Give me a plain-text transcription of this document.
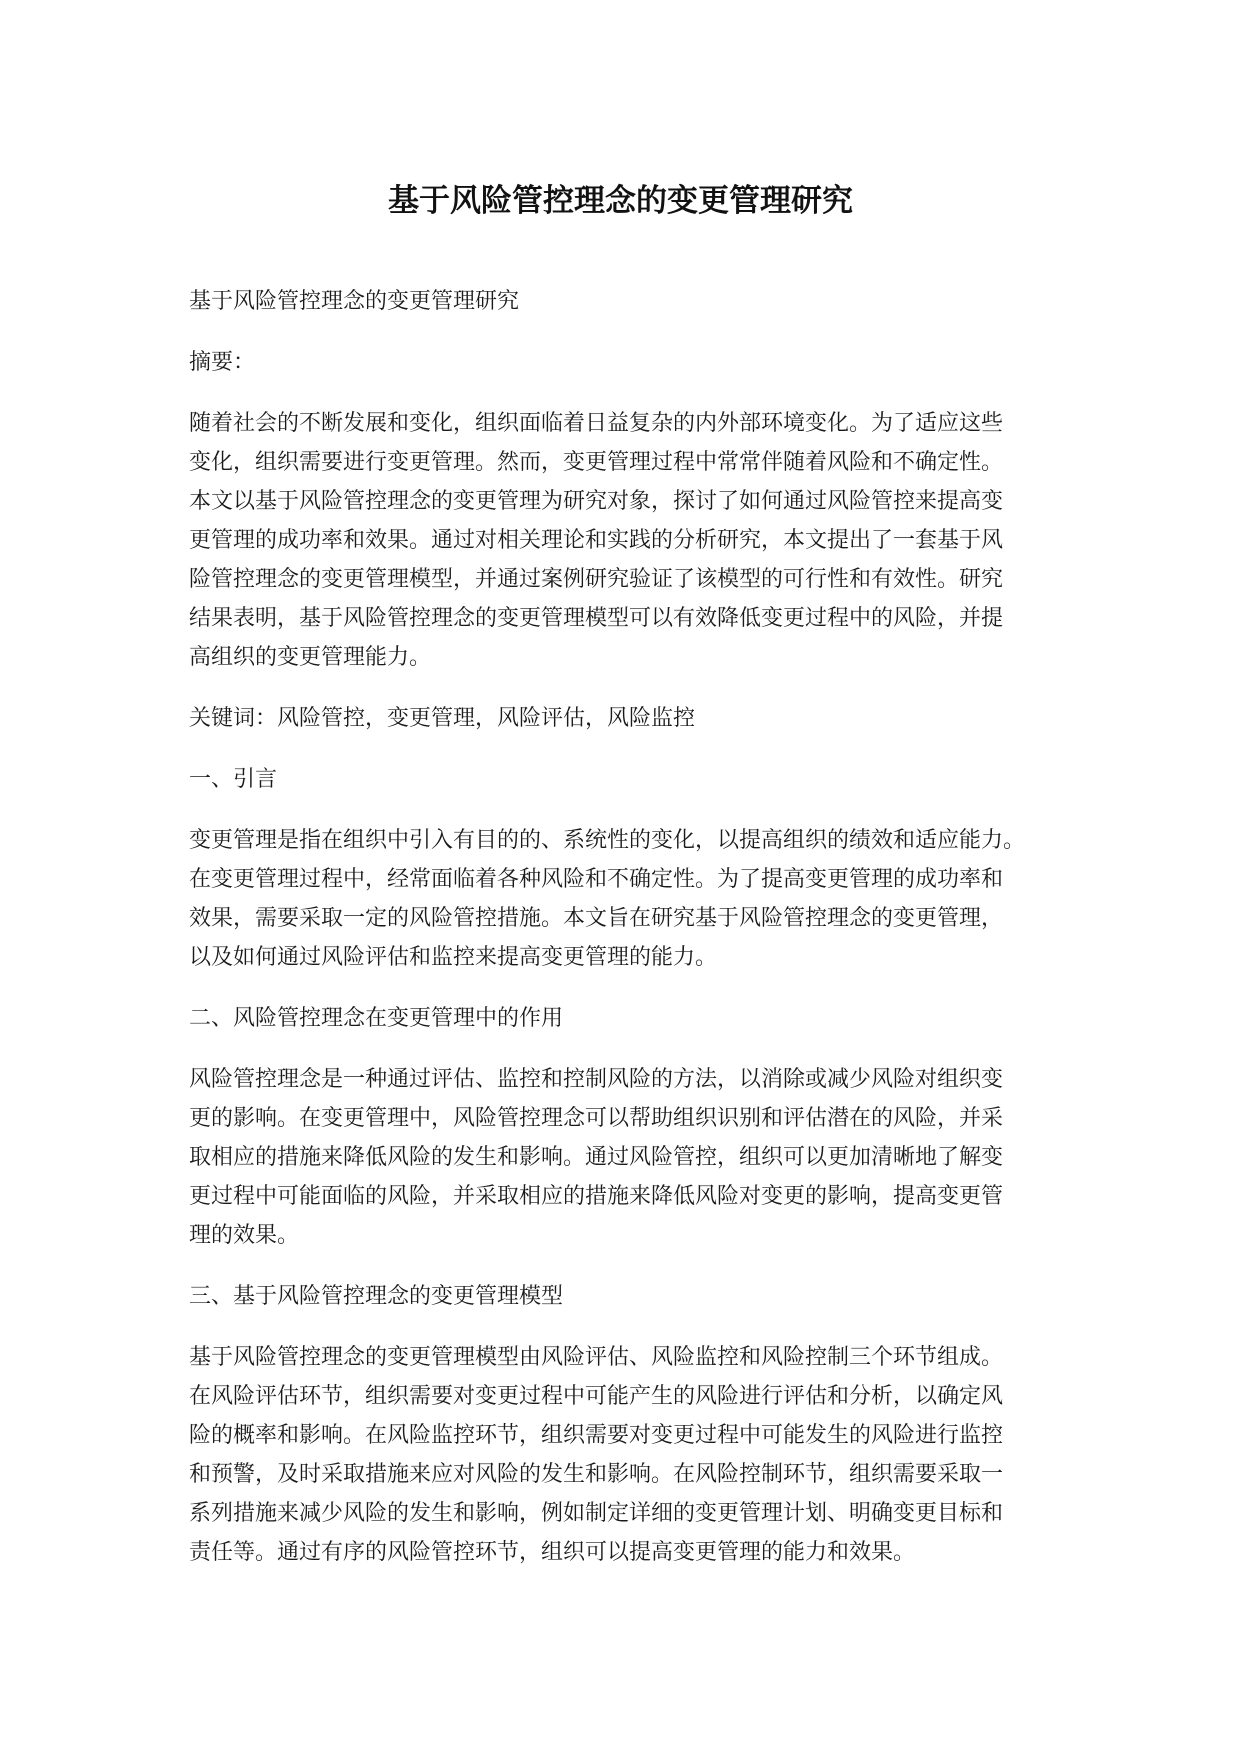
基于风险管控理念的变更管理研究

基于风险管控理念的变更管理研究

摘要：

随着社会的不断发展和变化，组织面临着日益复杂的内外部环境变化。为了适应这些

变化，组织需要进行变更管理。然而，变更管理过程中常常伴随着风险和不确定性。

本文以基于风险管控理念的变更管理为研究对象，探讨了如何通过风险管控来提高变

更管理的成功率和效果。通过对相关理论和实践的分析研究，本文提出了一套基于风

险管控理念的变更管理模型，并通过案例研究验证了该模型的可行性和有效性。研究

结果表明，基于风险管控理念的变更管理模型可以有效降低变更过程中的风险，并提

高组织的变更管理能力。

关键词：风险管控，变更管理，风险评估，风险监控

一、引言

变更管理是指在组织中引入有目的的、系统性的变化，以提高组织的绩效和适应能力。

在变更管理过程中，经常面临着各种风险和不确定性。为了提高变更管理的成功率和

效果，需要采取一定的风险管控措施。本文旨在研究基于风险管控理念的变更管理，

以及如何通过风险评估和监控来提高变更管理的能力。

二、风险管控理念在变更管理中的作用

风险管控理念是一种通过评估、监控和控制风险的方法，以消除或减少风险对组织变

更的影响。在变更管理中，风险管控理念可以帮助组织识别和评估潜在的风险，并采

取相应的措施来降低风险的发生和影响。通过风险管控，组织可以更加清晰地了解变

更过程中可能面临的风险，并采取相应的措施来降低风险对变更的影响，提高变更管

理的效果。

三、基于风险管控理念的变更管理模型

基于风险管控理念的变更管理模型由风险评估、风险监控和风险控制三个环节组成。

在风险评估环节，组织需要对变更过程中可能产生的风险进行评估和分析，以确定风

险的概率和影响。在风险监控环节，组织需要对变更过程中可能发生的风险进行监控

和预警，及时采取措施来应对风险的发生和影响。在风险控制环节，组织需要采取一

系列措施来减少风险的发生和影响，例如制定详细的变更管理计划、明确变更目标和

责任等。通过有序的风险管控环节，组织可以提高变更管理的能力和效果。
